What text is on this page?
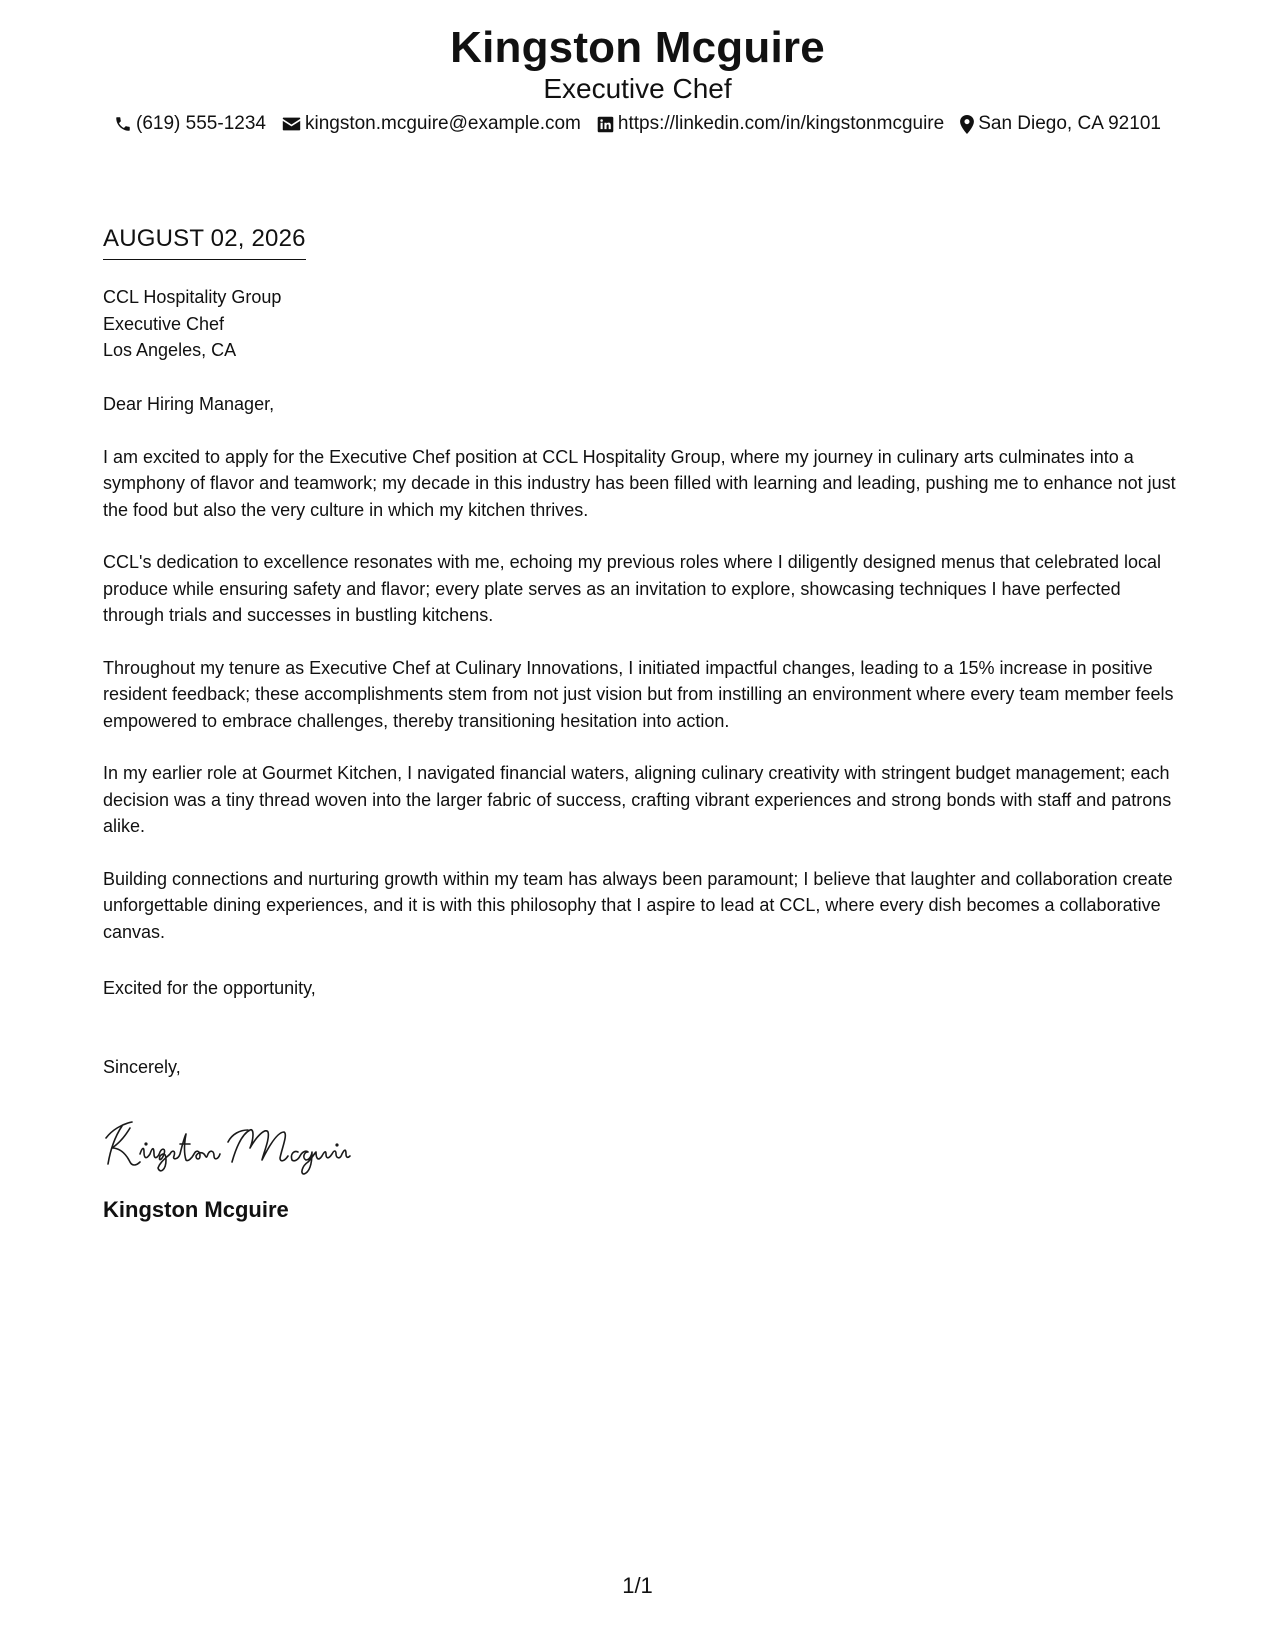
Kingston Mcguire
Executive Chef
(619) 555-1234 kingston.mcguire@example.com https://linkedin.com/in/kingstonmcguire San Diego, CA 92101
AUGUST 02, 2026
CCL Hospitality Group
Executive Chef
Los Angeles, CA
Dear Hiring Manager,

I am excited to apply for the Executive Chef position at CCL Hospitality Group, where my journey in culinary arts culminates into a symphony of flavor and teamwork; my decade in this industry has been filled with learning and leading, pushing me to enhance not just the food but also the very culture in which my kitchen thrives.

CCL's dedication to excellence resonates with me, echoing my previous roles where I diligently designed menus that celebrated local produce while ensuring safety and flavor; every plate serves as an invitation to explore, showcasing techniques I have perfected through trials and successes in bustling kitchens.

Throughout my tenure as Executive Chef at Culinary Innovations, I initiated impactful changes, leading to a 15% increase in positive resident feedback; these accomplishments stem from not just vision but from instilling an environment where every team member feels empowered to embrace challenges, thereby transitioning hesitation into action.

In my earlier role at Gourmet Kitchen, I navigated financial waters, aligning culinary creativity with stringent budget management; each decision was a tiny thread woven into the larger fabric of success, crafting vibrant experiences and strong bonds with staff and patrons alike.

Building connections and nurturing growth within my team has always been paramount; I believe that laughter and collaboration create unforgettable dining experiences, and it is with this philosophy that I aspire to lead at CCL, where every dish becomes a collaborative canvas.

Excited for the opportunity,
Sincerely,
Kingston Mcguire
1/1
